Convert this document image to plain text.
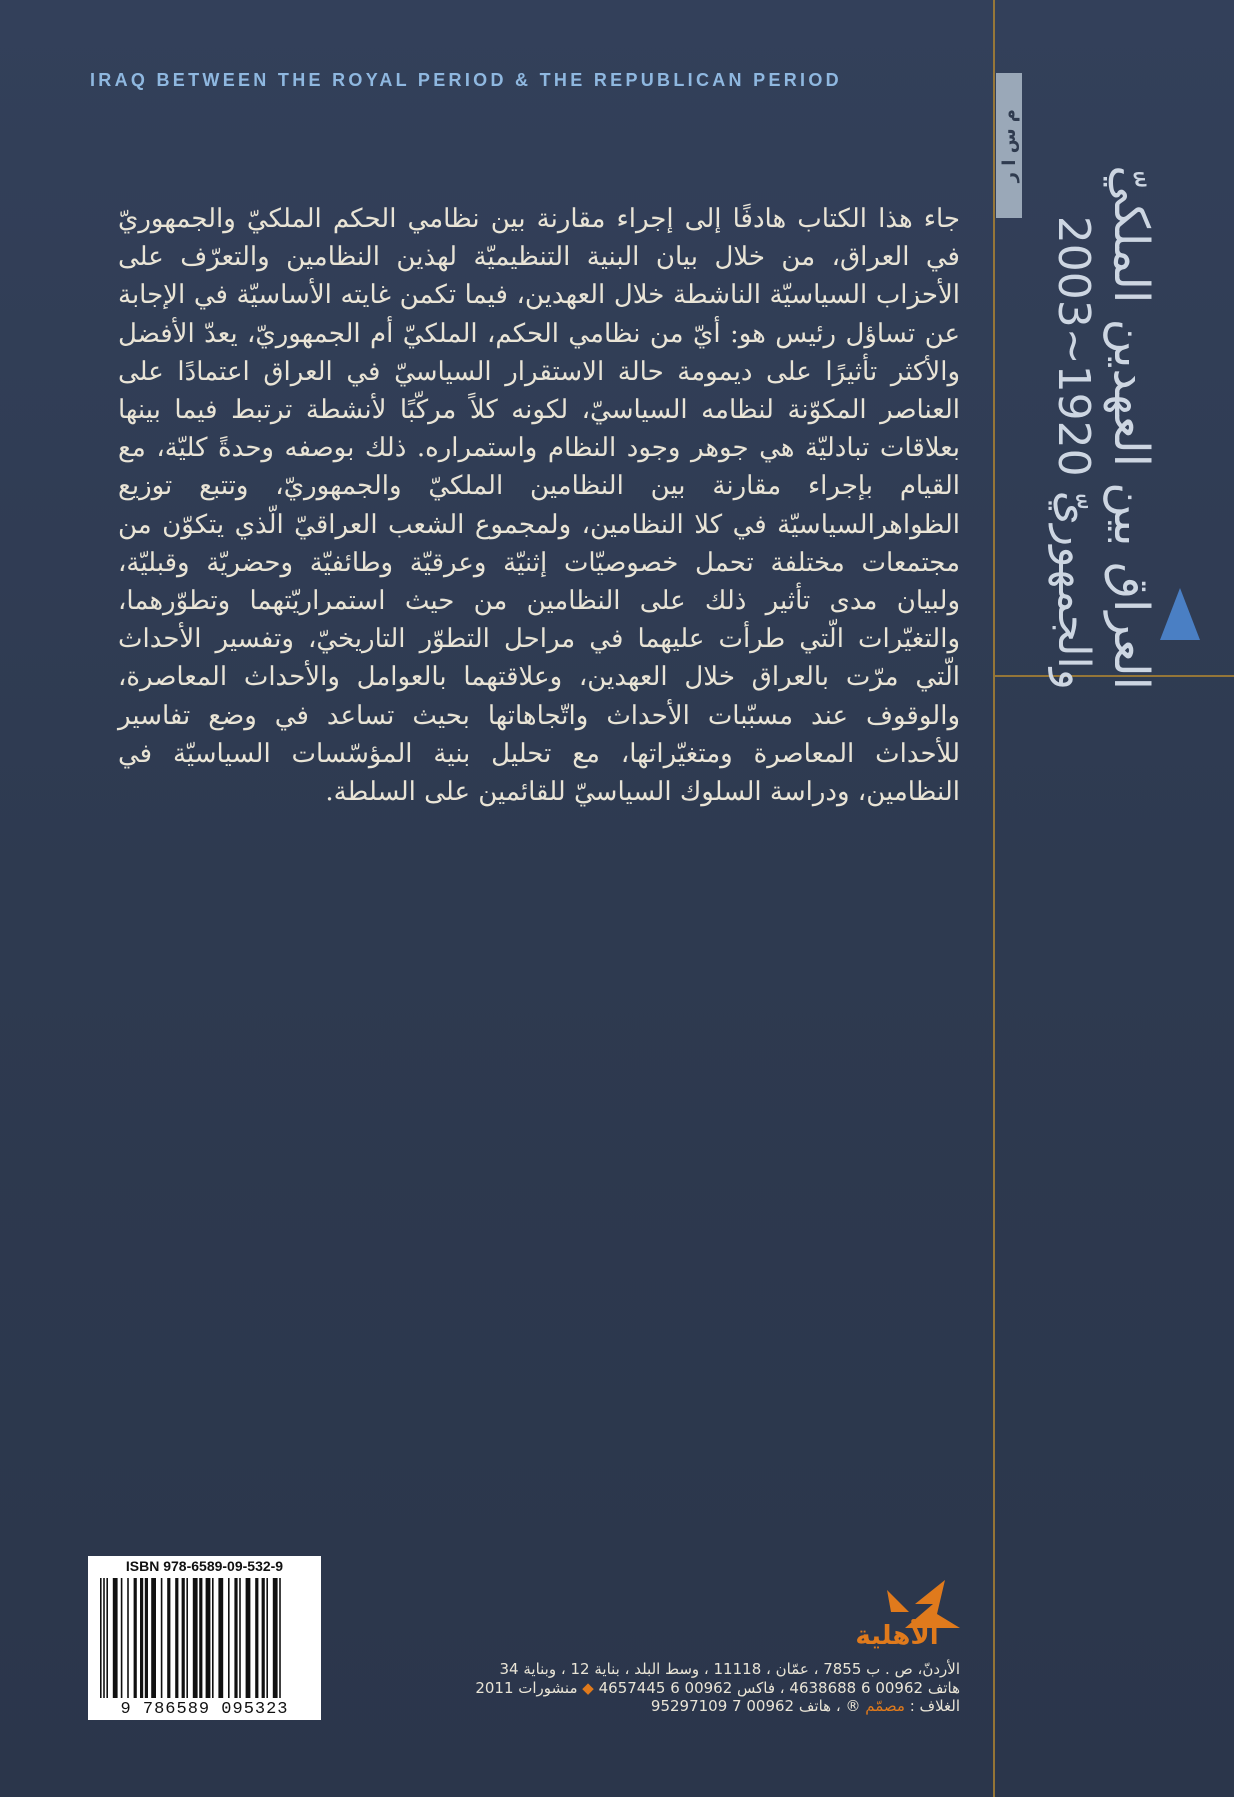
IRAQ BETWEEN THE ROYAL PERIOD & THE REPUBLICAN PERIOD
م س ا ر
العراق بين العهدين الملكيّ
والجمهوريّ 1920~2003
جاء هذا الكتاب هادفًا إلى إجراء مقارنة بين نظامي الحكم الملكيّ والجمهوريّ في العراق، من خلال بيان البنية التنظيميّة لهذين النظامين والتعرّف على الأحزاب السياسيّة الناشطة خلال العهدين، فيما تكمن غايته الأساسيّة في الإجابة عن تساؤل رئيس هو: أيّ من نظامي الحكم، الملكيّ أم الجمهوريّ، يعدّ الأفضل والأكثر تأثيرًا على ديمومة حالة الاستقرار السياسيّ في العراق اعتمادًا على العناصر المكوّنة لنظامه السياسيّ، لكونه كلاً مركّبًا لأنشطة ترتبط فيما بينها بعلاقات تبادليّة هي جوهر وجود النظام واستمراره. ذلك بوصفه وحدةً كليّة، مع القيام بإجراء مقارنة بين النظامين الملكيّ والجمهوريّ، وتتبع توزيع الظواهرالسياسيّة في كلا النظامين، ولمجموع الشعب العراقيّ الّذي يتكوّن من مجتمعات مختلفة تحمل خصوصيّات إثنيّة وعرقيّة وطائفيّة وحضريّة وقبليّة، ولبيان مدى تأثير ذلك على النظامين من حيث استمراريّتهما وتطوّرهما، والتغيّرات الّتي طرأت عليهما في مراحل التطوّر التاريخيّ، وتفسير الأحداث الّتي مرّت بالعراق خلال العهدين، وعلاقتهما بالعوامل والأحداث المعاصرة، والوقوف عند مسبّبات الأحداث واتّجاهاتها بحيث تساعد في وضع تفاسير للأحداث المعاصرة ومتغيّراتها، مع تحليل بنية المؤسّسات السياسيّة في النظامين، ودراسة السلوك السياسيّ للقائمين على السلطة.
ISBN 978-6589-09-532-9
9 786589 095323
الأهلية
الأردنّ، ص . ب 7855 ، عمّان ، 11118 ، وسط البلد ، بناية 12 ، وبناية 34
هاتف 00962 6 4638688 ، فاكس 00962 6 4657445 ◆ منشورات 2011
الغلاف : مصمّم ® ، هاتف 00962 7 95297109
